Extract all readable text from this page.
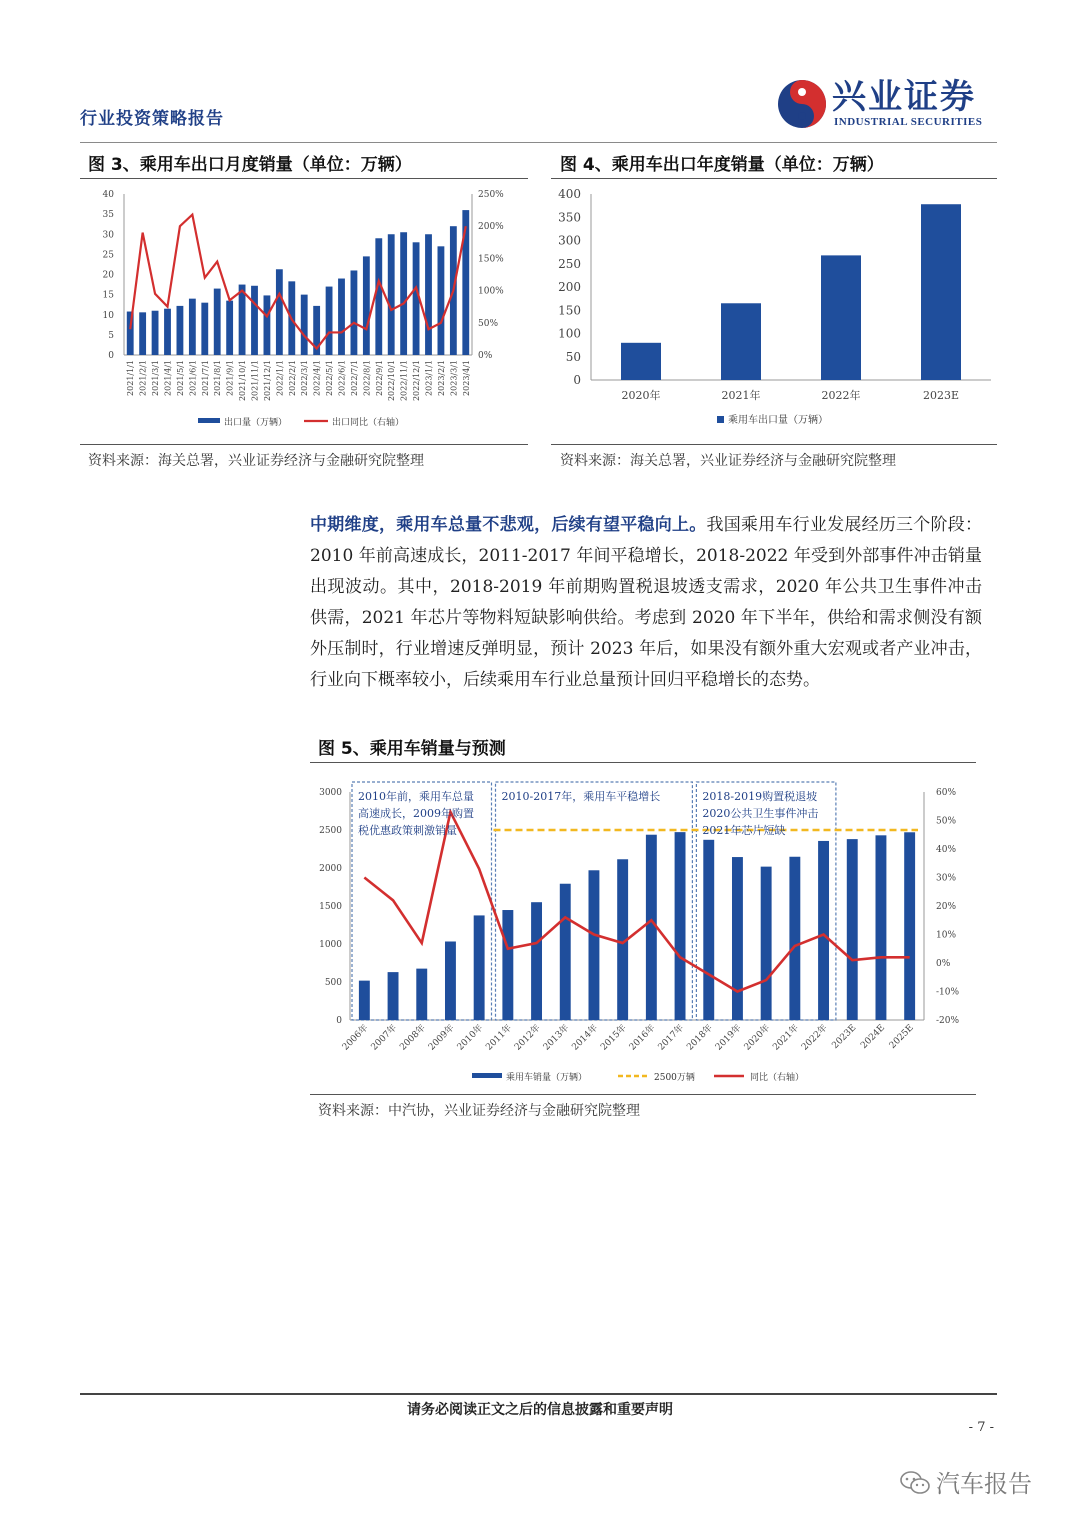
行业投资策略报告
兴业证券
INDUSTRIAL SECURITIES
图 3、乘用车出口月度销量（单位：万辆）
0
5
10
15
20
25
30
35
40
0%
50%
100%
150%
200%
250%
2021/1/1 2021/2/1 2021/3/1 2021/4/1 2021/5/1 2021/6/1 2021/7/1 2021/8/1 2021/9/1 2021/10/1 2021/11/1 2021/12/1 2022/1/1 2022/2/1 2022/3/1 2022/4/1 2022/5/1 2022/6/1 2022/7/1 2022/8/1 2022/9/1 2022/10/1 2022/11/1 2022/12/1 2023/1/1 2023/2/1 2023/3/1 2023/4/1
出口量（万辆）	出口同比（右轴）
资料来源：海关总署，兴业证券经济与金融研究院整理
图 4、乘用车出口年度销量（单位：万辆）
0
50
100
150
200
250
300
350
400
2020年	2021年	2022年	2023E
乘用车出口量（万辆）
资料来源：海关总署，兴业证券经济与金融研究院整理
中期维度，乘用车总量不悲观，后续有望平稳向上。我国乘用车行业发展经历三个阶段：2010 年前高速成长，2011-2017 年间平稳增长，2018-2022 年受到外部事件冲击销量出现波动。其中，2018-2019 年前期购置税退坡透支需求，2020 年公共卫生事件冲击供需，2021 年芯片等物料短缺影响供给。考虑到 2020 年下半年，供给和需求侧没有额外压制时，行业增速反弹明显，预计 2023 年后，如果没有额外重大宏观或者产业冲击，行业向下概率较小，后续乘用车行业总量预计回归平稳增长的态势。
图 5、乘用车销量与预测
0
500
1000
1500
2000
2500
3000
-20%
-10%
0%
10%
20%
30%
40%
50%
60%
2006年 2007年 2008年 2009年 2010年 2011年 2012年 2013年 2014年 2015年 2016年 2017年 2018年 2019年 2020年 2021年 2022年 2023E 2024E 2025E
2010年前，乘用车总量
高速成长，2009年购置
税优惠政策刺激销量
2010-2017年，乘用车平稳增长	2018-2019购置税退坡
2020公共卫生事件冲击
2021年芯片短缺
乘用车销量（万辆）	2500万辆	同比（右轴）
资料来源：中汽协，兴业证券经济与金融研究院整理
请务必阅读正文之后的信息披露和重要声明
- 7 -
汽车报告
